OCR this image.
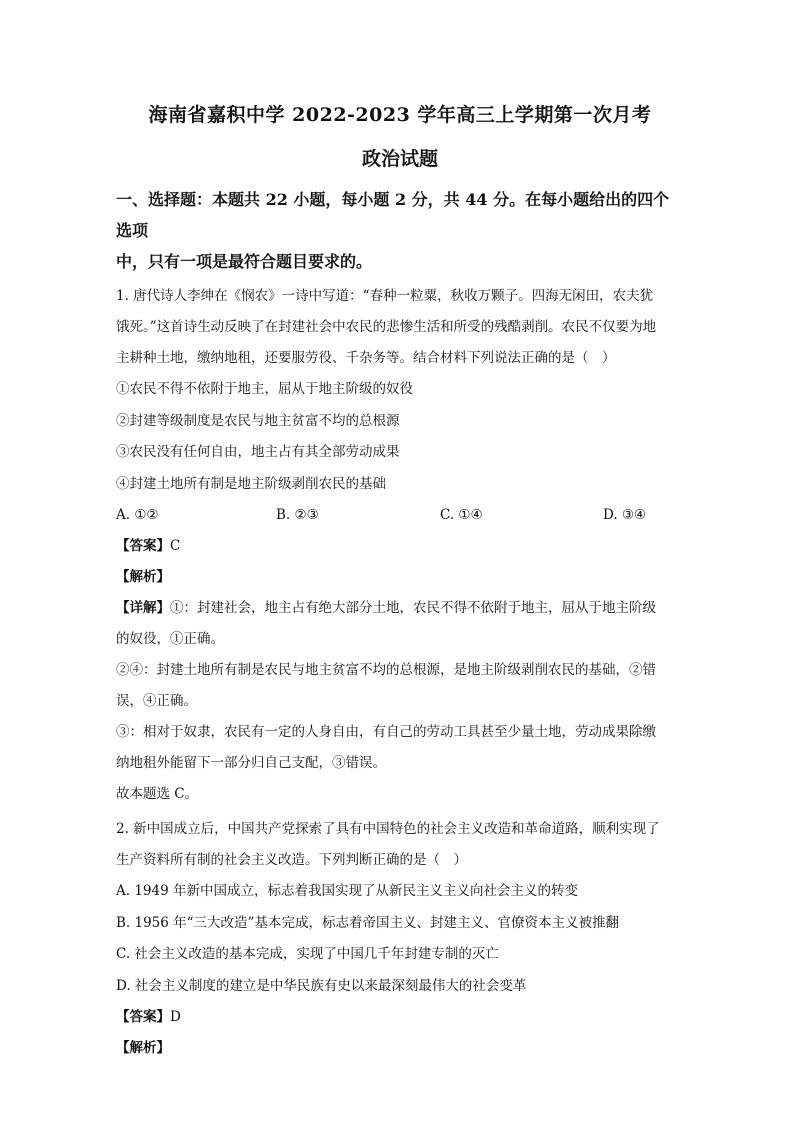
海南省嘉积中学 2022-2023 学年高三上学期第一次月考
政治试题
一、选择题：本题共 22 小题，每小题 2 分，共 44 分。在每小题给出的四个选项
中，只有一项是最符合题目要求的。

1. 唐代诗人李绅在《悯农》一诗中写道：“春种一粒粟，秋收万颗子。四海无闲田，农夫犹

饿死。”这首诗生动反映了在封建社会中农民的悲惨生活和所受的残酷剥削。农民不仅要为地

主耕种土地，缴纳地租，还要服劳役、千杂务等。结合材料下列说法正确的是（　）

①农民不得不依附于地主，屈从于地主阶级的奴役

②封建等级制度是农民与地主贫富不均的总根源

③农民没有任何自由，地主占有其全部劳动成果

④封建土地所有制是地主阶级剥削农民的基础

A. ①②	B. ②③	C. ①④	D. ③④

【答案】C

【解析】

【详解】①：封建社会，地主占有绝大部分土地，农民不得不依附于地主，屈从于地主阶级

的奴役，①正确。

②④：封建土地所有制是农民与地主贫富不均的总根源，是地主阶级剥削农民的基础，②错

误，④正确。

③：相对于奴隶，农民有一定的人身自由，有自己的劳动工具甚至少量土地，劳动成果除缴

纳地租外能留下一部分归自己支配，③错误。

故本题选 C。

2. 新中国成立后，中国共产党探索了具有中国特色的社会主义改造和革命道路，顺利实现了

生产资料所有制的社会主义改造。下列判断正确的是（　）

A. 1949 年新中国成立，标志着我国实现了从新民主义主义向社会主义的转变

B. 1956 年“三大改造”基本完成，标志着帝国主义、封建主义、官僚资本主义被推翻

C. 社会主义改造的基本完成，实现了中国几千年封建专制的灭亡

D. 社会主义制度的建立是中华民族有史以来最深刻最伟大的社会变革

【答案】D

【解析】
